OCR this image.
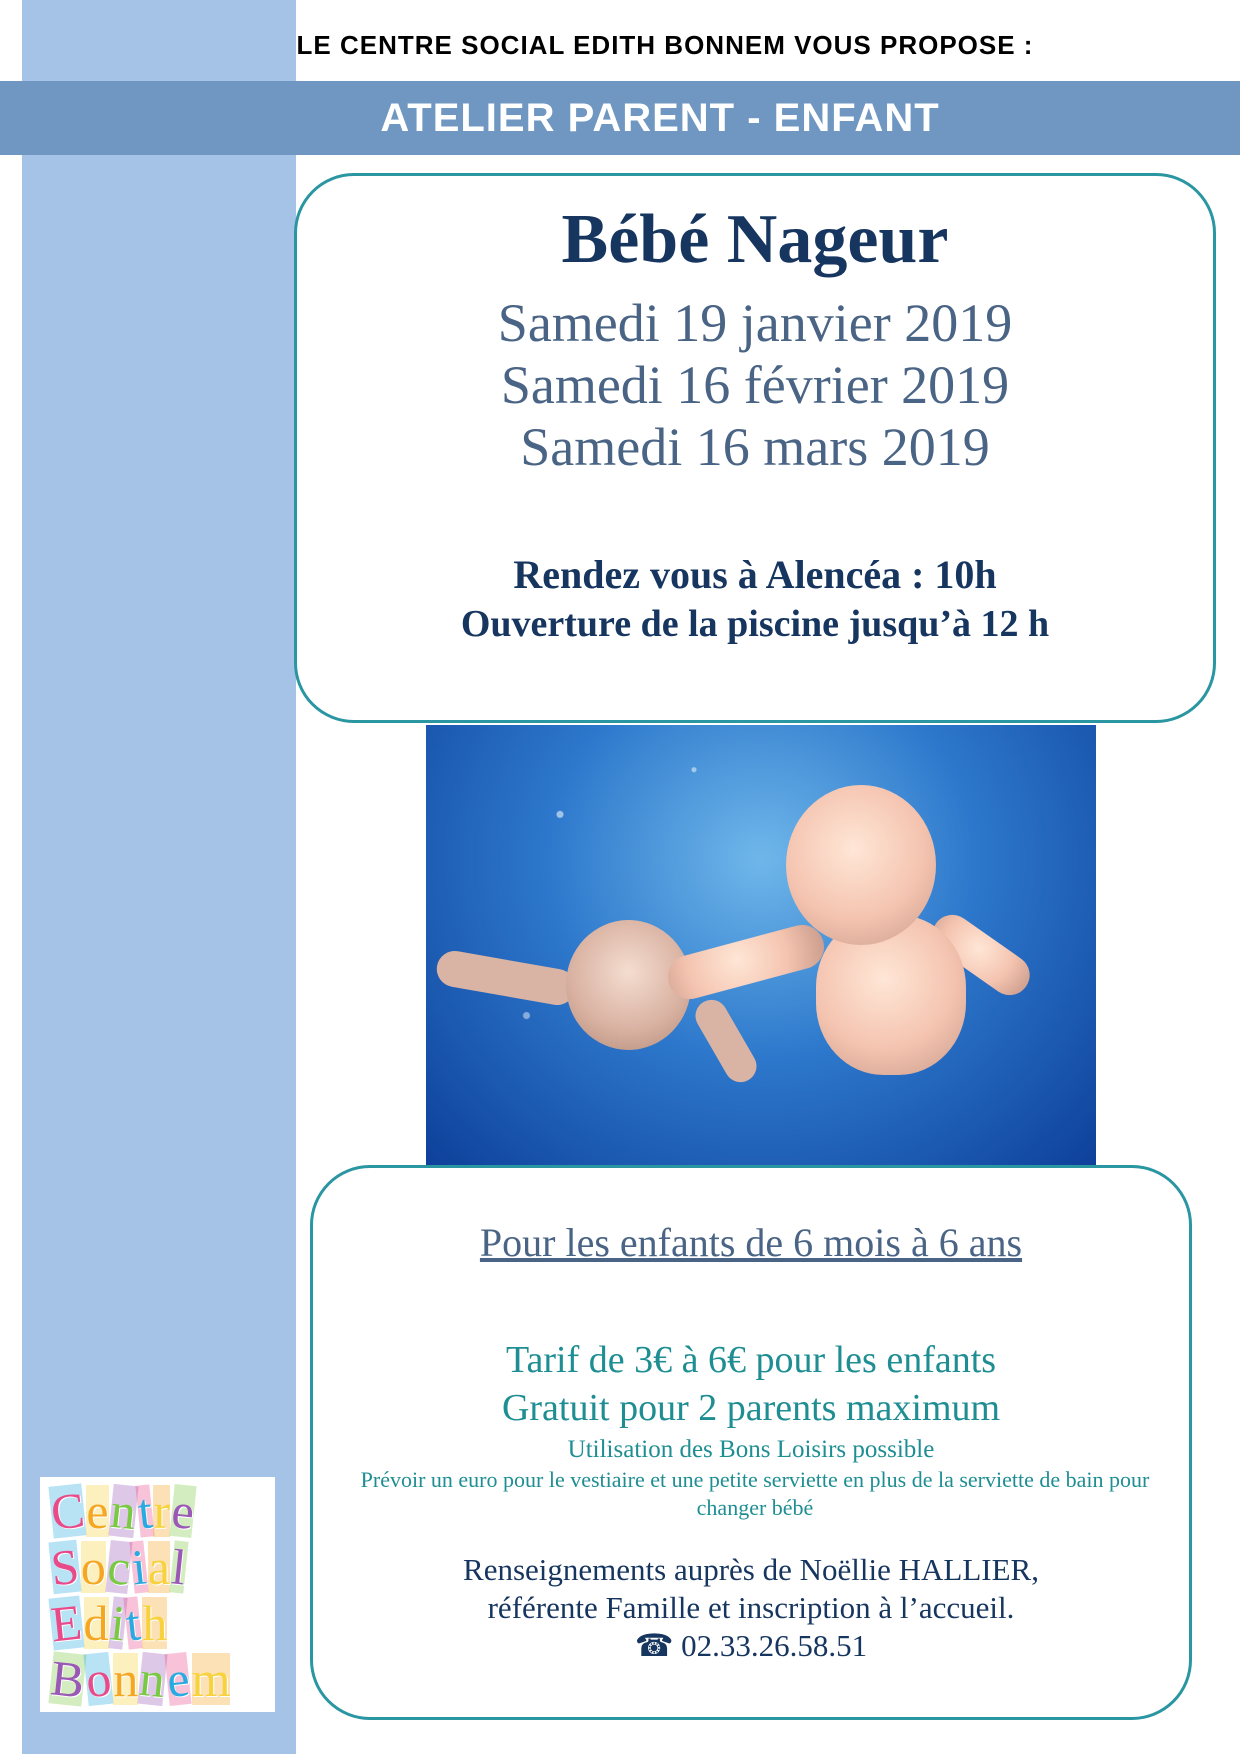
LE CENTRE SOCIAL EDITH BONNEM VOUS PROPOSE :
ATELIER PARENT - ENFANT
Bébé Nageur
Samedi 19 janvier 2019
Samedi 16 février 2019
Samedi 16 mars 2019
Rendez vous à Alencéa : 10h
Ouverture de la piscine jusqu’à 12 h
Pour les enfants de 6 mois à 6 ans
Tarif de 3€ à 6€ pour les enfants
Gratuit pour 2 parents maximum
Utilisation des Bons Loisirs possible
Prévoir un euro pour le vestiaire et une petite serviette en plus de la serviette de bain pour changer bébé
Renseignements auprès de Noëllie HALLIER,
référente Famille et inscription à l’accueil.
☎ 02.33.26.58.51
Centre
Social
Edith
Bonnem
